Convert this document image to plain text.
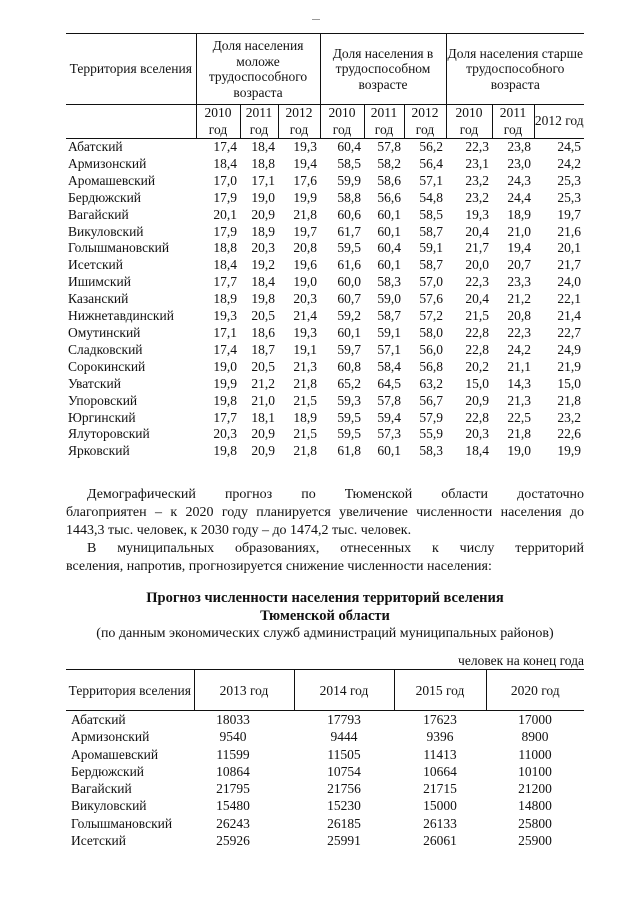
Территория вселения	Доля населения моложе трудоспособного возраста			Доля населения в трудоспособном возрасте			Доля населения старше трудоспособного возраста		
	2010 год	2011 год	2012 год	2010 год	2011 год	2012 год	2010 год	2011 год	2012 год
Абатский	17,4	18,4	19,3	60,4	57,8	56,2	22,3	23,8	24,5
Армизонский	18,4	18,8	19,4	58,5	58,2	56,4	23,1	23,0	24,2
Аромашевский	17,0	17,1	17,6	59,9	58,6	57,1	23,2	24,3	25,3
Бердюжский	17,9	19,0	19,9	58,8	56,6	54,8	23,2	24,4	25,3
Вагайский	20,1	20,9	21,8	60,6	60,1	58,5	19,3	18,9	19,7
Викуловский	17,9	18,9	19,7	61,7	60,1	58,7	20,4	21,0	21,6
Голышмановский	18,8	20,3	20,8	59,5	60,4	59,1	21,7	19,4	20,1
Исетский	18,4	19,2	19,6	61,6	60,1	58,7	20,0	20,7	21,7
Ишимский	17,7	18,4	19,0	60,0	58,3	57,0	22,3	23,3	24,0
Казанский	18,9	19,8	20,3	60,7	59,0	57,6	20,4	21,2	22,1
Нижнетавдинский	19,3	20,5	21,4	59,2	58,7	57,2	21,5	20,8	21,4
Омутинский	17,1	18,6	19,3	60,1	59,1	58,0	22,8	22,3	22,7
Сладковский	17,4	18,7	19,1	59,7	57,1	56,0	22,8	24,2	24,9
Сорокинский	19,0	20,5	21,3	60,8	58,4	56,8	20,2	21,1	21,9
Уватский	19,9	21,2	21,8	65,2	64,5	63,2	15,0	14,3	15,0
Упоровский	19,8	21,0	21,5	59,3	57,8	56,7	20,9	21,3	21,8
Юргинский	17,7	18,1	18,9	59,5	59,4	57,9	22,8	22,5	23,2
Ялуторовский	20,3	20,9	21,5	59,5	57,3	55,9	20,3	21,8	22,6
Ярковский	19,8	20,9	21,8	61,8	60,1	58,3	18,4	19,0	19,9
Демографический прогноз по Тюменской области достаточно
благоприятен – к 2020 году планируется увеличение численности населения до
1443,3 тыс. человек, к 2030 году – до 1474,2 тыс. человек.
В муниципальных образованиях, отнесенных к числу территорий
вселения, напротив, прогнозируется снижение численности населения:
Прогноз численности населения территорий вселения
Тюменской области
(по данным экономических служб администраций муниципальных районов)
человек на конец года
Территория вселения	2013 год	2014 год	2015 год	2020 год
Абатский	18033	17793	17623	17000
Армизонский	9540	9444	9396	8900
Аромашевский	11599	11505	11413	11000
Бердюжский	10864	10754	10664	10100
Вагайский	21795	21756	21715	21200
Викуловский	15480	15230	15000	14800
Голышмановский	26243	26185	26133	25800
Исетский	25926	25991	26061	25900
